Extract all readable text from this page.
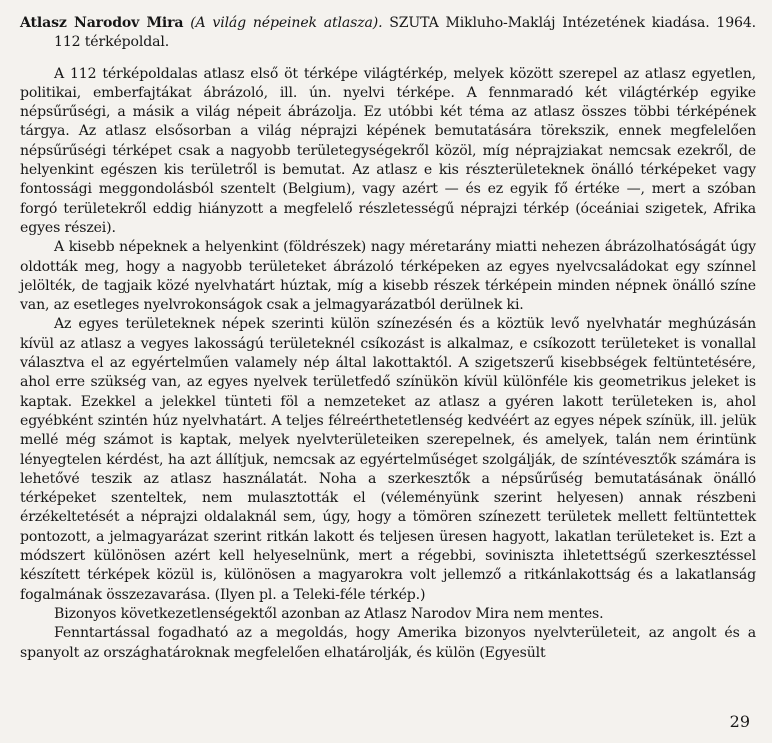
Atlasz Narodov Mira (A világ népeinek atlasza). SZUTA Mikluho-Makláj Intézetének kiadása. 1964. 112 térképoldal.

A 112 térképoldalas atlasz első öt térképe világtérkép, melyek között szerepel az atlasz egyetlen, politikai, emberfajtákat ábrázoló, ill. ún. nyelvi térképe. A fennmaradó két világtérkép egyike népsűrűségi, a másik a világ népeit ábrázolja. Ez utóbbi két téma az atlasz összes többi térképének tárgya. Az atlasz elsősorban a világ néprajzi képének bemutatására törekszik, ennek megfelelően népsűrűségi térképet csak a nagyobb területegységekről közöl, míg néprajziakat nemcsak ezekről, de helyenkint egészen kis területről is bemutat. Az atlasz e kis részterületeknek önálló térképeket vagy fontossági meggondolásból szentelt (Belgium), vagy azért — és ez egyik fő értéke —, mert a szóban forgó területekről eddig hiányzott a megfelelő részletességű néprajzi térkép (óceániai szigetek, Afrika egyes részei).

A kisebb népeknek a helyenkint (földrészek) nagy méretarány miatti nehezen ábrázolhatóságát úgy oldották meg, hogy a nagyobb területeket ábrázoló térképeken az egyes nyelvcsaládokat egy színnel jelölték, de tagjaik közé nyelvhatárt húztak, míg a kisebb részek térképein minden népnek önálló színe van, az esetleges nyelvrokonságok csak a jelmagyarázatból derülnek ki.

Az egyes területeknek népek szerinti külön színezésén és a köztük levő nyelvhatár meghúzásán kívül az atlasz a vegyes lakosságú területeknél csíkozást is alkalmaz, e csíkozott területeket is vonallal választva el az egyértelműen valamely nép által lakottaktól. A szigetszerű kisebbségek feltüntetésére, ahol erre szükség van, az egyes nyelvek területfedő színükön kívül különféle kis geometrikus jeleket is kaptak. Ezekkel a jelekkel tünteti föl a nemzeteket az atlasz a gyéren lakott területeken is, ahol egyébként szintén húz nyelvhatárt. A teljes félreérthetetlenség kedvéért az egyes népek színük, ill. jelük mellé még számot is kaptak, melyek nyelvterületeiken szerepelnek, és amelyek, talán nem érintünk lényegtelen kérdést, ha azt állítjuk, nemcsak az egyértelműséget szolgálják, de színtévesztők számára is lehetővé teszik az atlasz használatát. Noha a szerkesztők a népsűrűség bemutatásának önálló térképeket szenteltek, nem mulasztották el (véleményünk szerint helyesen) annak részbeni érzékeltetését a néprajzi oldalaknál sem, úgy, hogy a tömören színezett területek mellett feltüntettek pontozott, a jelmagyarázat szerint ritkán lakott és teljesen üresen hagyott, lakatlan területeket is. Ezt a módszert különösen azért kell helyeselnünk, mert a régebbi, soviniszta ihletettségű szerkesztéssel készített térképek közül is, különösen a magyarokra volt jellemző a ritkánlakottság és a lakatlanság fogalmának összezavarása. (Ilyen pl. a Teleki-féle térkép.)

Bizonyos következetlenségektől azonban az Atlasz Narodov Mira nem mentes.

Fenntartással fogadható az a megoldás, hogy Amerika bizonyos nyelvterületeit, az angolt és a spanyolt az országhatároknak megfelelően elhatárolják, és külön (Egyesült

29
